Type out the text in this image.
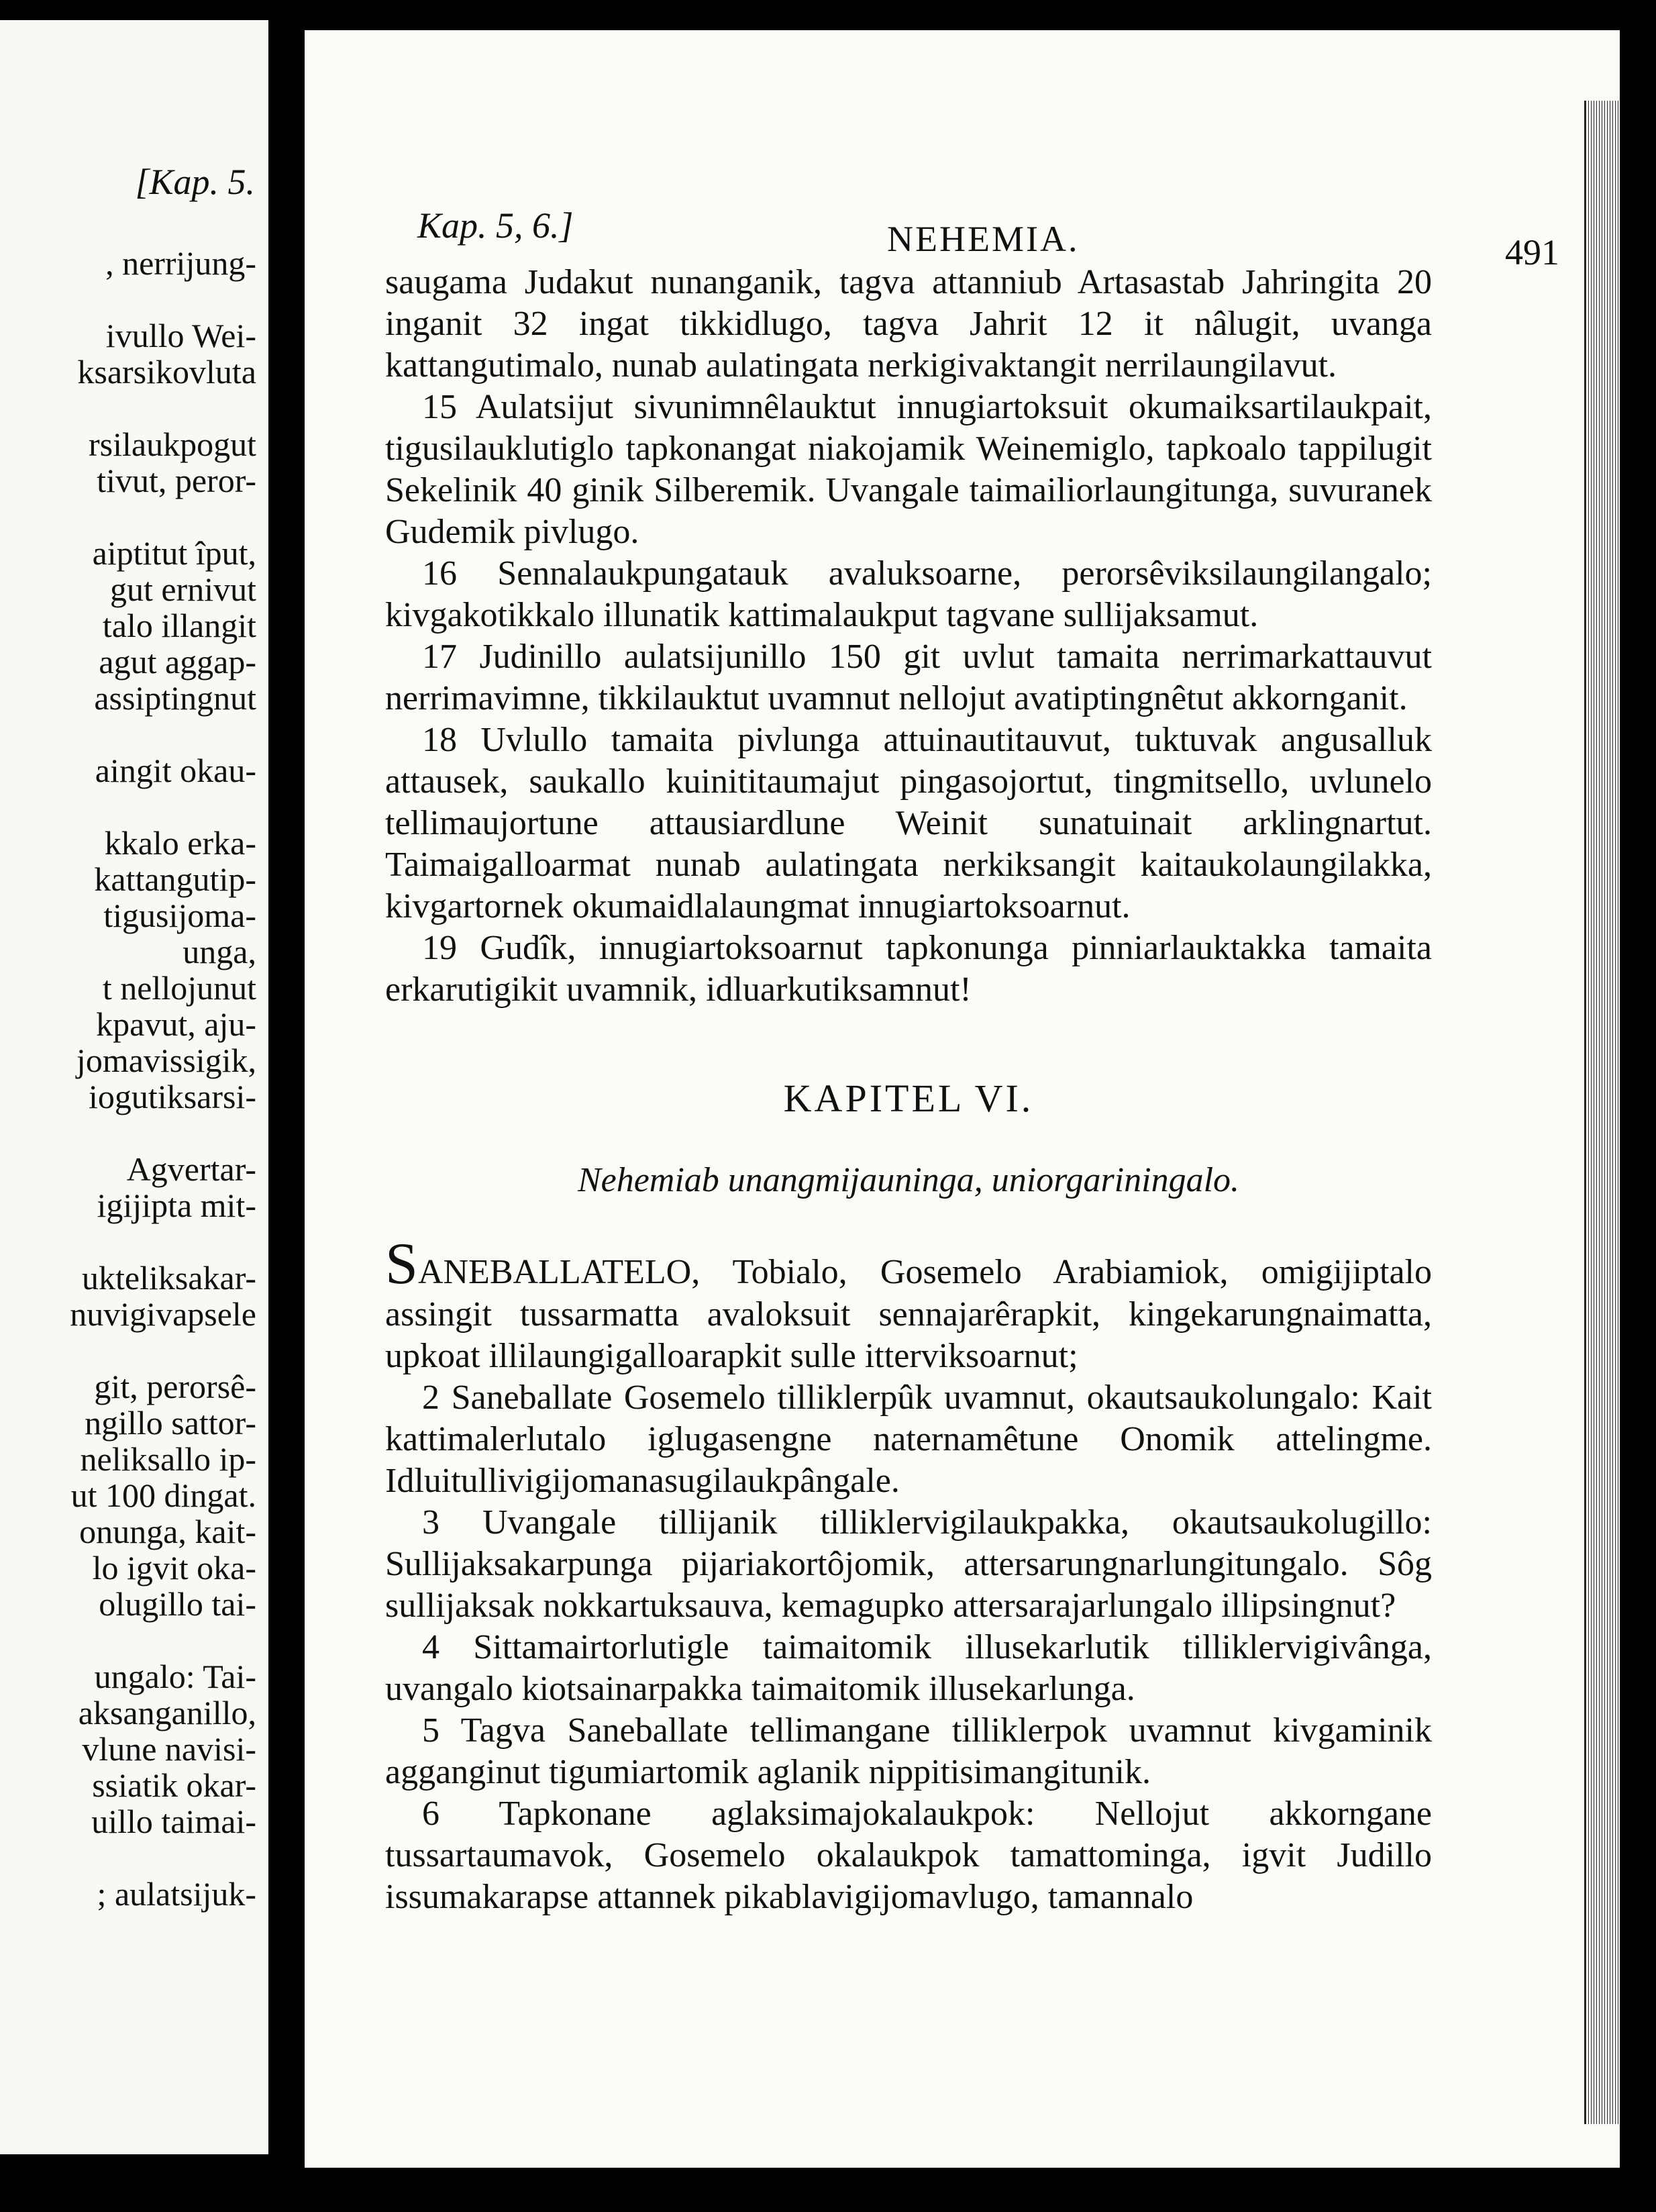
[Kap. 5.
, nerrijung-
ivullo Wei-
ksarsikovluta
rsilaukpogut
tivut, peror-
aiptitut îput,
gut ernivut
talo illangit
agut aggap-
assiptingnut
aingit okau-
kkalo erka-
kattangutip-
tigusijoma-
unga,
t nellojunut
kpavut, aju-
jomavissigik,
iogutiksarsi-
Agvertar-
igijipta mit-
ukteliksakar-
nuvigivapsele
git, perorsê-
ngillo sattor-
neliksallo ip-
ut 100 dingat.
onunga, kait-
lo igvit oka-
olugillo tai-
ungalo: Tai-
aksanganillo,
vlune navisi-
ssiatik okar-
uillo taimai-
; aulatsijuk-
Kap. 5, 6.]	NEHEMIA.	491

saugama Judakut nunanganik, tagva attanniub Artasastab Jahringita 20 inganit 32 ingat tikkidlugo, tagva Jahrit 12 it nâlugit, uvanga kattangutimalo, nunab aulatingata nerkigivaktangit nerrilaungilavut.

15 Aulatsijut sivunimnêlauktut innugiartoksuit okumaiksartilaukpait, tigusilauklutiglo tapkonangat niakojamik Weinemiglo, tapkoalo tappilugit Sekelinik 40 ginik Silberemik. Uvangale taimailiorlaungitunga, suvuranek Gudemik pivlugo.

16 Sennalaukpungatauk avaluksoarne, perorsêviksilaungilangalo; kivgakotikkalo illunatik kattimalaukput tagvane sullijaksamut.

17 Judinillo aulatsijunillo 150 git uvlut tamaita nerrimarkattauvut nerrimavimne, tikkilauktut uvamnut nellojut avatiptingnêtut akkornganit.

18 Uvlullo tamaita pivlunga attuinautitauvut, tuktuvak angusalluk attausek, saukallo kuinititaumajut pingasojortut, tingmitsello, uvlunelo tellimaujortune attausiardlune Weinit sunatuinait arklingnartut. Taimaigalloarmat nunab aulatingata nerkiksangit kaitaukolaungilakka, kivgartornek okumaidlalaungmat innugiartoksoarnut.

19 Gudîk, innugiartoksoarnut tapkonunga pinniarlauktakka tamaita erkarutigikit uvamnik, idluarkutiksamnut!

KAPITEL VI.
Nehemiab unangmijauninga, uniorgariningalo.

SANEBALLATELO, Tobialo, Gosemelo Arabiamiok, omigijiptalo assingit tussarmatta avaloksuit sennajarêrapkit, kingekarungnaimatta, upkoat illilaungigalloarapkit sulle itterviksoarnut;

2 Saneballate Gosemelo tilliklerpûk uvamnut, okautsaukolungalo: Kait kattimalerlutalo iglugasengne naternamêtune Onomik attelingme. Idluitullivigijomanasugilaukpângale.

3 Uvangale tillijanik tilliklervigilaukpakka, okautsaukolugillo: Sullijaksakarpunga pijariakortôjomik, attersarungnarlungitungalo. Sôg sullijaksak nokkartuksauva, kemagupko attersarajarlungalo illipsingnut?

4 Sittamairtorlutigle taimaitomik illusekarlutik tilliklervigivânga, uvangalo kiotsainarpakka taimaitomik illusekarlunga.

5 Tagva Saneballate tellimangane tilliklerpok uvamnut kivgaminik agganginut tigumiartomik aglanik nippitisimangitunik.

6 Tapkonane aglaksimajokalaukpok: Nellojut akkorngane tussartaumavok, Gosemelo okalaukpok tamattominga, igvit Judillo issumakarapse attannek pikablavigijomavlugo, tamannalo
